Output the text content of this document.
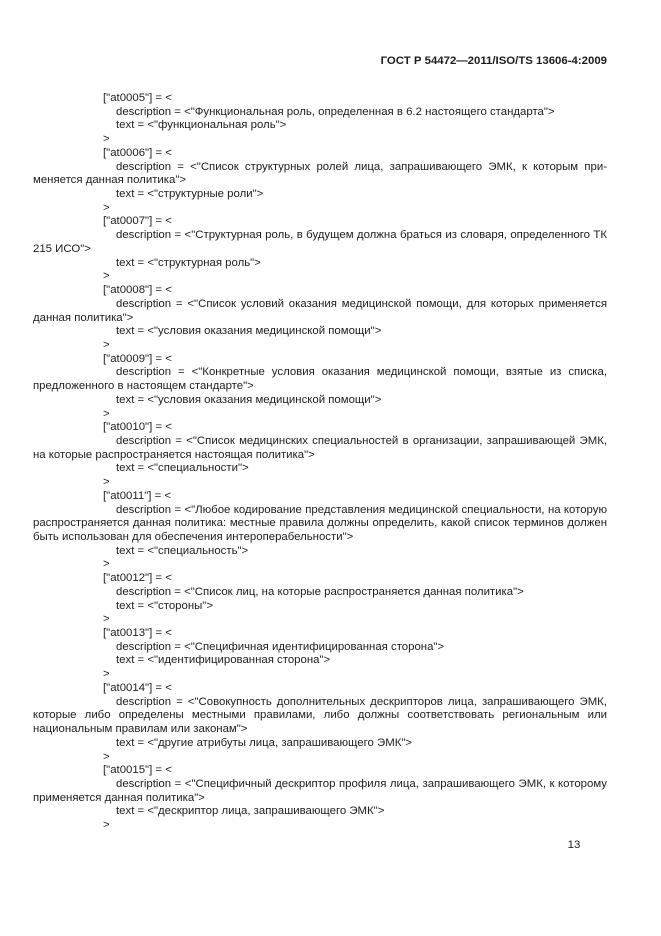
ГОСТ Р 54472—2011/ISO/TS 13606-4:2009

["at0005"] = <

description = <"Функциональная роль, определенная в 6.2 настоящего стандарта">

text = <"функциональная роль">

>

["at0006"] = <

description = <"Список структурных ролей лица, запрашивающего ЭМК, к которым применяется данная политика">

text = <"структурные роли">

>

["at0007"] = <

description = <"Структурная роль, в будущем должна браться из словаря, определенного ТК 215 ИСО">

text = <"структурная роль">

>

["at0008"] = <

description = <"Список условий оказания медицинской помощи, для которых применяется данная политика">

text = <"условия оказания медицинской помощи">

>

["at0009"] = <

description = <"Конкретные условия оказания медицинской помощи, взятые из списка, предложенного в настоящем стандарте">

text = <"условия оказания медицинской помощи">

>

["at0010"] = <

description = <"Список медицинских специальностей в организации, запрашивающей ЭМК, на которые распространяется настоящая политика">

text = <"специальности">

>

["at0011"] = <

description = <"Любое кодирование представления медицинской специальности, на которую распространяется данная политика: местные правила должны определить, какой список терминов должен быть использован для обеспечения интероперабельности">

text = <"специальность">

>

["at0012"] = <

description = <"Список лиц, на которые распространяется данная политика">

text = <"стороны">

>

["at0013"] = <

description = <"Специфичная идентифицированная сторона">

text = <"идентифицированная сторона">

>

["at0014"] = <

description = <"Совокупность дополнительных дескрипторов лица, запрашивающего ЭМК, которые либо определены местными правилами, либо должны соответствовать региональным или национальным правилам или законам">

text = <"другие атрибуты лица, запрашивающего ЭМК">

>

["at0015"] = <

description = <"Специфичный дескриптор профиля лица, запрашивающего ЭМК, к которому применяется данная политика">

text = <"дескриптор лица, запрашивающего ЭМК">

>

13
